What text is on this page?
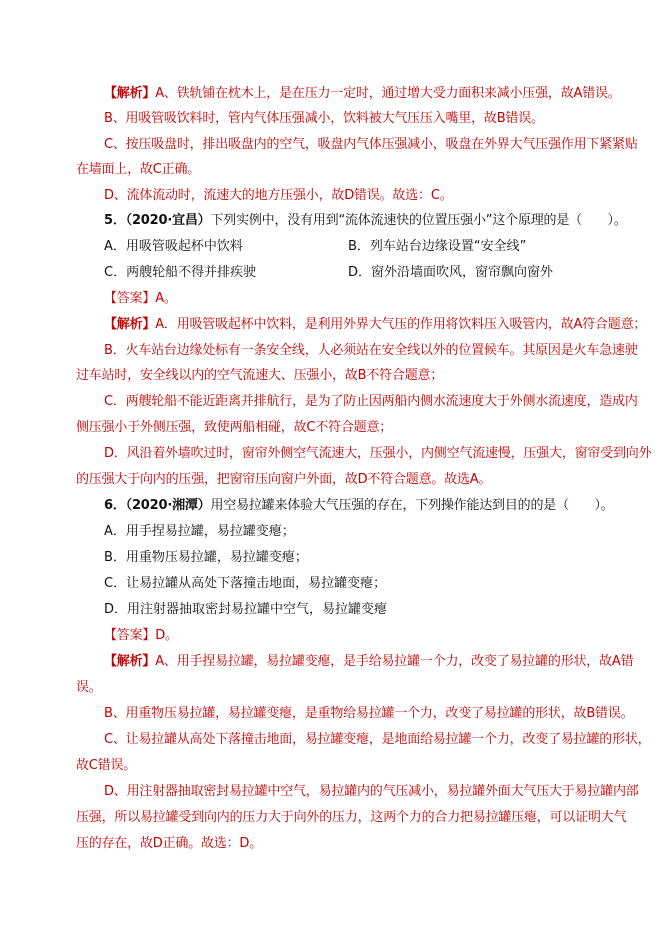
【解析】A、铁轨铺在枕木上，是在压力一定时，通过增大受力面积来减小压强，故A错误。
B、用吸管吸饮料时，管内气体压强减小，饮料被大气压压入嘴里，故B错误。
C、按压吸盘时，排出吸盘内的空气，吸盘内气体压强减小，吸盘在外界大气压强作用下紧紧贴
在墙面上，故C正确。
D、流体流动时，流速大的地方压强小，故D错误。故选：C。
5．（2020·宜昌）下列实例中，没有用到“流体流速快的位置压强小”这个原理的是（　　）。
A．用吸管吸起杯中饮料	B．列车站台边缘设置“安全线”
C．两艘轮船不得并排疾驶	D．窗外沿墙面吹风，窗帘飘向窗外
【答案】A。
【解析】A．用吸管吸起杯中饮料，是利用外界大气压的作用将饮料压入吸管内，故A符合题意；
B．火车站台边缘处标有一条安全线，人必须站在安全线以外的位置候车。其原因是火车急速驶
过车站时，安全线以内的空气流速大、压强小，故B不符合题意；
C．两艘轮船不能近距离并排航行，是为了防止因两船内侧水流速度大于外侧水流速度，造成内
侧压强小于外侧压强，致使两船相碰，故C不符合题意；
D．风沿着外墙吹过时，窗帘外侧空气流速大，压强小，内侧空气流速慢，压强大，窗帘受到向外
的压强大于向内的压强，把窗帘压向窗户外面，故D不符合题意。故选A。
6．（2020·湘潭）用空易拉罐来体验大气压强的存在，下列操作能达到目的的是（　　）。
A．用手捏易拉罐，易拉罐变瘪；
B．用重物压易拉罐，易拉罐变瘪；
C．让易拉罐从高处下落撞击地面，易拉罐变瘪；
D．用注射器抽取密封易拉罐中空气，易拉罐变瘪
【答案】D。
【解析】A、用手捏易拉罐，易拉罐变瘪，是手给易拉罐一个力，改变了易拉罐的形状，故A错
误。
B、用重物压易拉罐，易拉罐变瘪，是重物给易拉罐一个力，改变了易拉罐的形状，故B错误。
C、让易拉罐从高处下落撞击地面，易拉罐变瘪，是地面给易拉罐一个力，改变了易拉罐的形状，
故C错误。
D、用注射器抽取密封易拉罐中空气，易拉罐内的气压减小，易拉罐外面大气压大于易拉罐内部
压强，所以易拉罐受到向内的压力大于向外的压力，这两个力的合力把易拉罐压瘪，可以证明大气
压的存在，故D正确。故选：D。
